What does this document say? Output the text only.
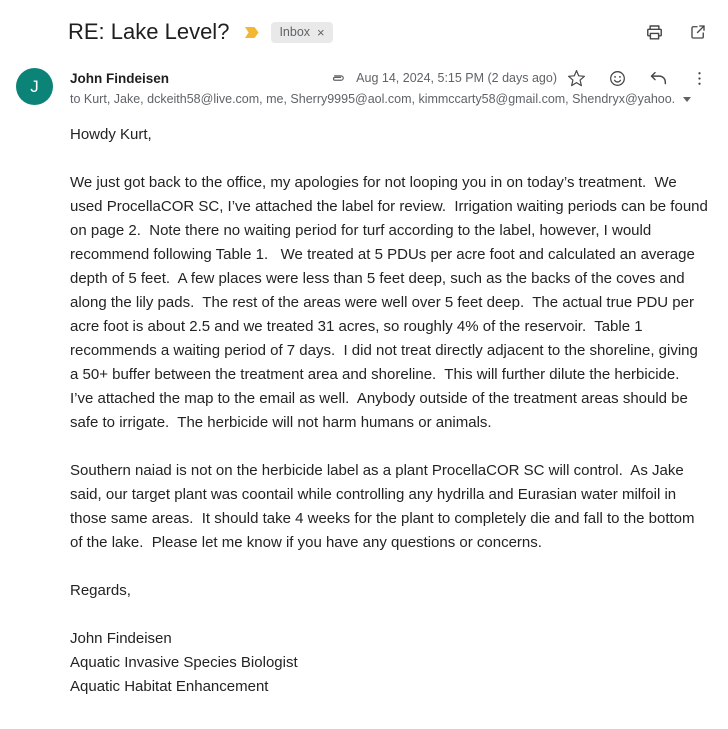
RE: Lake Level?	Inbox ×
J	John Findeisen	Aug 14, 2024, 5:15 PM (2 days ago)
to Kurt, Jake, dckeith58@live.com, me, Sherry9995@aol.com, kimmccarty58@gmail.com, Shendryx@yahoo.

Howdy Kurt,

We just got back to the office, my apologies for not looping you in on today’s treatment.  We used ProcellaCOR SC, I’ve attached the label for review.  Irrigation waiting periods can be found on page 2.  Note there no waiting period for turf according to the label, however, I would recommend following Table 1.   We treated at 5 PDUs per acre foot and calculated an average depth of 5 feet.  A few places were less than 5 feet deep, such as the backs of the coves and along the lily pads.  The rest of the areas were well over 5 feet deep.  The actual true PDU per acre foot is about 2.5 and we treated 31 acres, so roughly 4% of the reservoir.  Table 1 recommends a waiting period of 7 days.  I did not treat directly adjacent to the shoreline, giving a 50+ buffer between the treatment area and shoreline.  This will further dilute the herbicide.  I’ve attached the map to the email as well.  Anybody outside of the treatment areas should be safe to irrigate.  The herbicide will not harm humans or animals.

Southern naiad is not on the herbicide label as a plant ProcellaCOR SC will control.  As Jake said, our target plant was coontail while controlling any hydrilla and Eurasian water milfoil in those same areas.  It should take 4 weeks for the plant to completely die and fall to the bottom of the lake.  Please let me know if you have any questions or concerns.

Regards,

John Findeisen
Aquatic Invasive Species Biologist
Aquatic Habitat Enhancement
